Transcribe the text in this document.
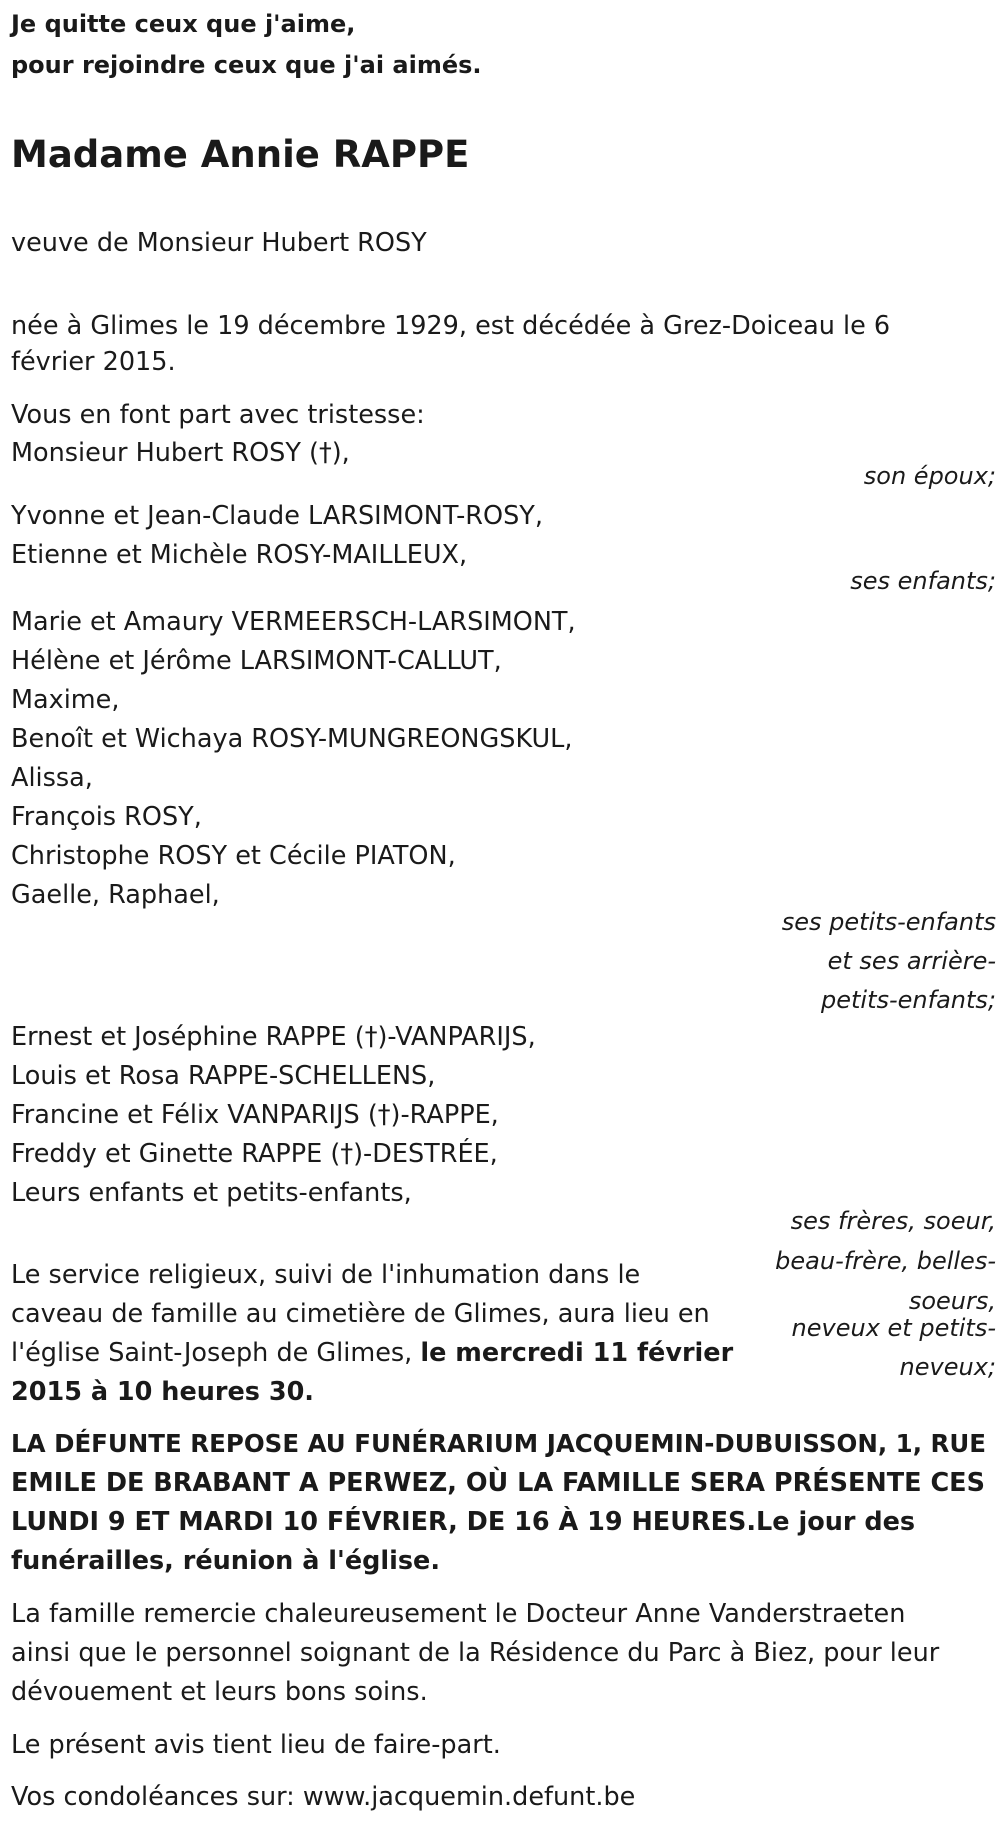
Je quitte ceux que j'aime,
pour rejoindre ceux que j'ai aimés.
Madame Annie RAPPE
veuve de Monsieur Hubert ROSY
née à Glimes le 19 décembre 1929, est décédée à Grez-Doiceau le 6
février 2015.
Vous en font part avec tristesse:
Monsieur Hubert ROSY (†),
son époux;
Yvonne et Jean-Claude LARSIMONT-ROSY,
Etienne et Michèle ROSY-MAILLEUX,
ses enfants;
Marie et Amaury VERMEERSCH-LARSIMONT,
Hélène et Jérôme LARSIMONT-CALLUT,
Maxime,
Benoît et Wichaya ROSY-MUNGREONGSKUL,
Alissa,
François ROSY,
Christophe ROSY et Cécile PIATON,
Gaelle, Raphael,
ses petits-enfants
et ses arrière-
petits-enfants;
Ernest et Joséphine RAPPE (†)-VANPARIJS,
Louis et Rosa RAPPE-SCHELLENS,
Francine et Félix VANPARIJS (†)-RAPPE,
Freddy et Ginette RAPPE (†)-DESTRÉE,
Leurs enfants et petits-enfants,
ses frères, soeur,
beau-frère, belles-
soeurs,
neveux et petits-
neveux;
Le service religieux, suivi de l'inhumation dans le
caveau de famille au cimetière de Glimes, aura lieu en
l'église Saint-Joseph de Glimes, le mercredi 11 février
2015 à 10 heures 30.
LA DÉFUNTE REPOSE AU FUNÉRARIUM JACQUEMIN-DUBUISSON, 1, RUE
EMILE DE BRABANT A PERWEZ, OÙ LA FAMILLE SERA PRÉSENTE CES
LUNDI 9 ET MARDI 10 FÉVRIER, DE 16 À 19 HEURES.Le jour des
funérailles, réunion à l'église.
La famille remercie chaleureusement le Docteur Anne Vanderstraeten
ainsi que le personnel soignant de la Résidence du Parc à Biez, pour leur
dévouement et leurs bons soins.
Le présent avis tient lieu de faire-part.
Vos condoléances sur: www.jacquemin.defunt.be
